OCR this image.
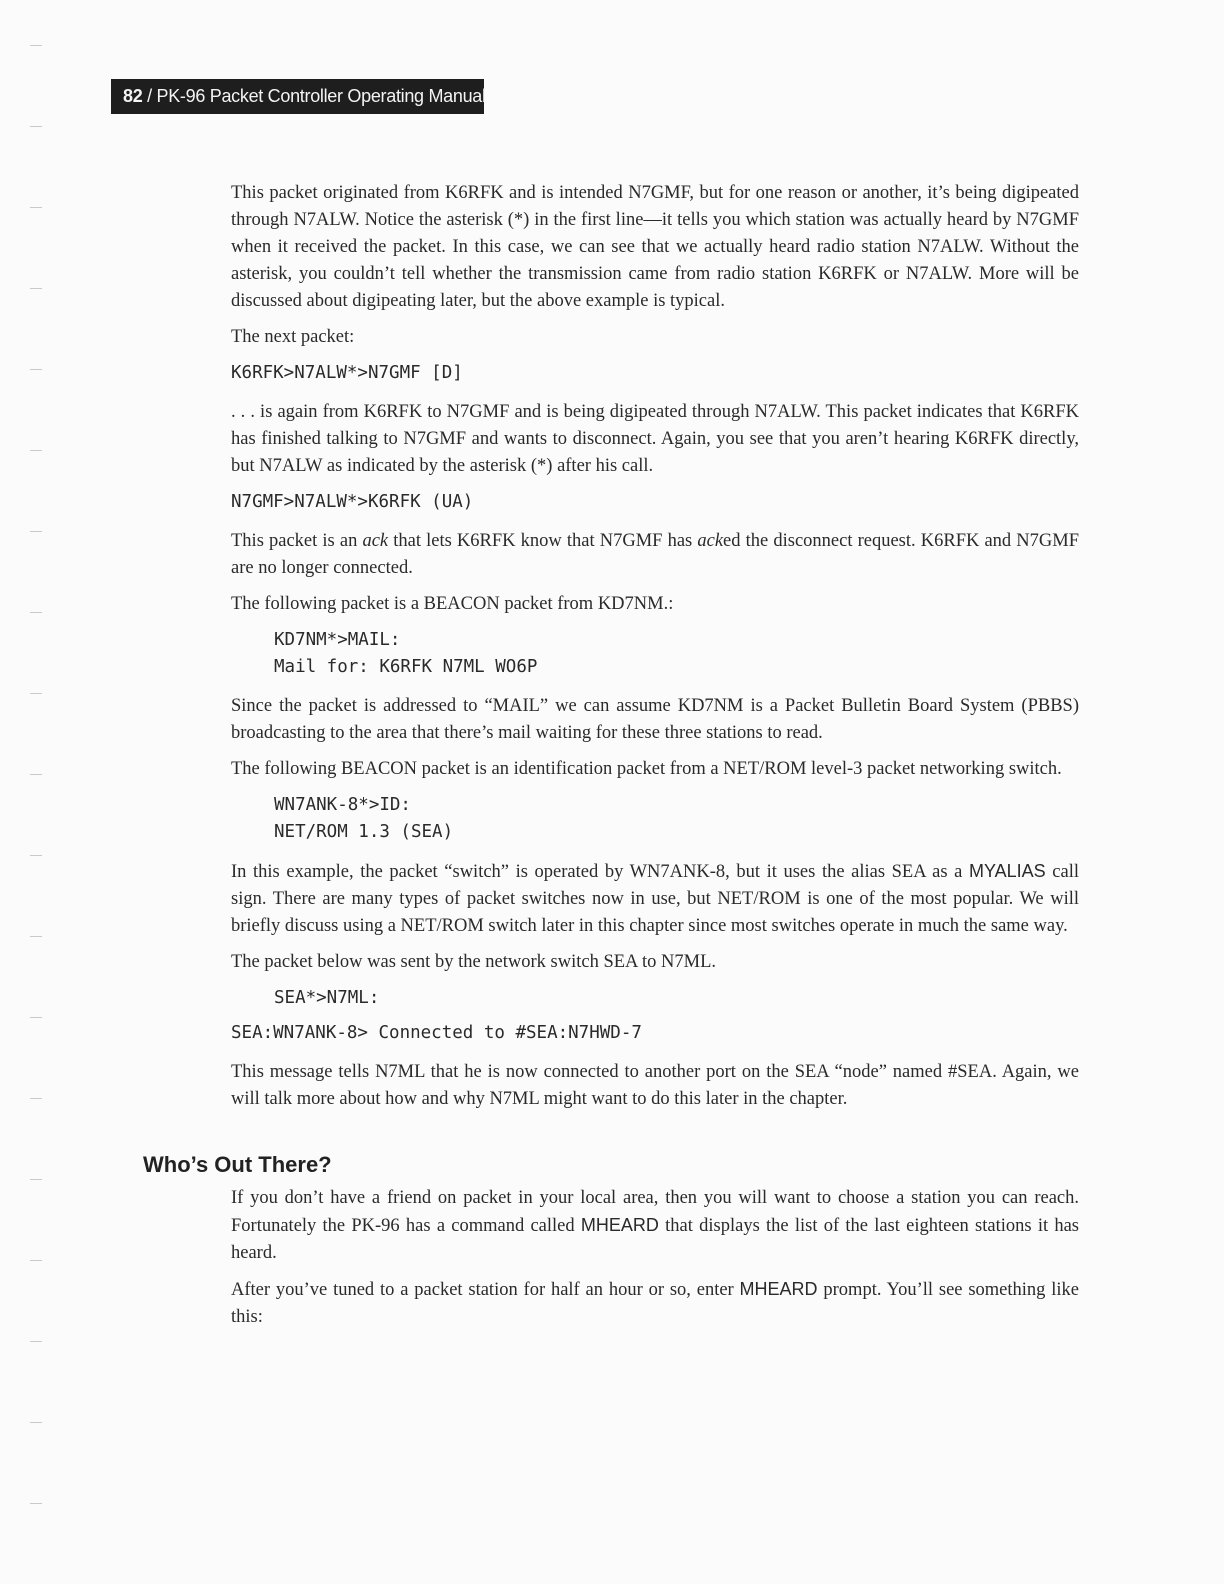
82 / PK-96 Packet Controller Operating Manual

This packet originated from K6RFK and is intended N7GMF, but for one reason or another, it’s being digipeated through N7ALW. Notice the asterisk (*) in the first line—it tells you which station was actually heard by N7GMF when it received the packet. In this case, we can see that we actually heard radio station N7ALW. Without the asterisk, you couldn’t tell whether the transmission came from radio station K6RFK or N7ALW. More will be discussed about digipeating later, but the above example is typical.

The next packet:

K6RFK>N7ALW*>N7GMF [D]

. . . is again from K6RFK to N7GMF and is being digipeated through N7ALW. This packet indicates that K6RFK has finished talking to N7GMF and wants to disconnect. Again, you see that you aren’t hearing K6RFK directly, but N7ALW as indicated by the asterisk (*) after his call.

N7GMF>N7ALW*>K6RFK (UA)

This packet is an ack that lets K6RFK know that N7GMF has acked the disconnect request. K6RFK and N7GMF are no longer connected.

The following packet is a BEACON packet from KD7NM.:

KD7NM*>MAIL:
Mail for: K6RFK N7ML WO6P

Since the packet is addressed to “MAIL” we can assume KD7NM is a Packet Bulletin Board System (PBBS) broadcasting to the area that there’s mail waiting for these three stations to read.

The following BEACON packet is an identification packet from a NET/ROM level-3 packet networking switch.

WN7ANK-8*>ID:
NET/ROM 1.3 (SEA)

In this example, the packet “switch” is operated by WN7ANK-8, but it uses the alias SEA as a MYALIAS call sign. There are many types of packet switches now in use, but NET/ROM is one of the most popular. We will briefly discuss using a NET/ROM switch later in this chapter since most switches operate in much the same way.

The packet below was sent by the network switch SEA to N7ML.

SEA*>N7ML:
SEA:WN7ANK-8> Connected to #SEA:N7HWD-7

This message tells N7ML that he is now connected to another port on the SEA “node” named #SEA. Again, we will talk more about how and why N7ML might want to do this later in the chapter.

Who’s Out There?

If you don’t have a friend on packet in your local area, then you will want to choose a station you can reach. Fortunately the PK-96 has a command called MHEARD that displays the list of the last eighteen stations it has heard.

After you’ve tuned to a packet station for half an hour or so, enter MHEARD prompt. You’ll see something like this:
